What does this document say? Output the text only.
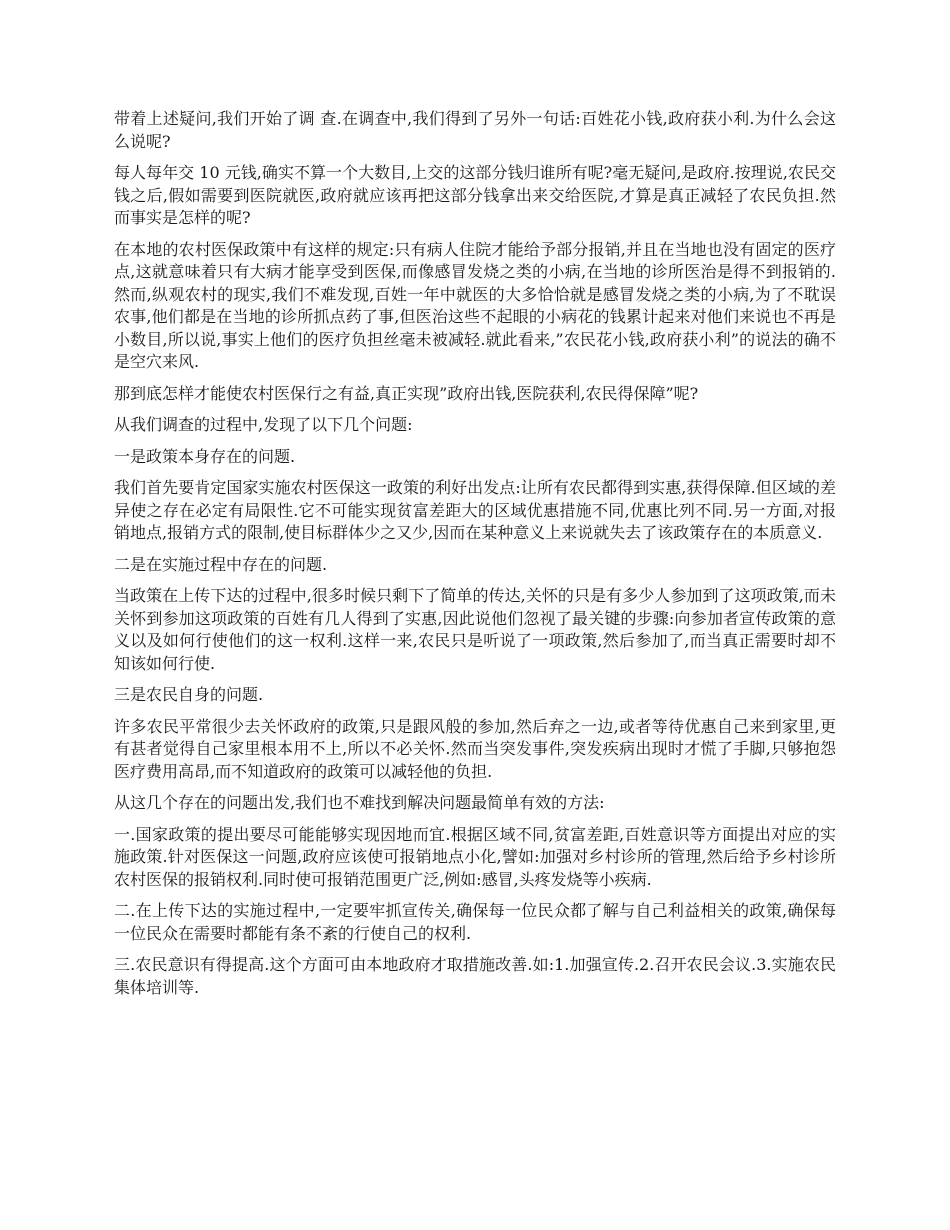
带着上述疑问,我们开始了调 查.在调查中,我们得到了另外一句话:百姓花小钱,政府获小利.为什么会这么说呢?

每人每年交 10 元钱,确实不算一个大数目,上交的这部分钱归谁所有呢?毫无疑问,是政府.按理说,农民交钱之后,假如需要到医院就医,政府就应该再把这部分钱拿出来交给医院,才算是真正减轻了农民负担.然而事实是怎样的呢?

在本地的农村医保政策中有这样的规定:只有病人住院才能给予部分报销,并且在当地也没有固定的医疗点,这就意味着只有大病才能享受到医保,而像感冒发烧之类的小病,在当地的诊所医治是得不到报销的.然而,纵观农村的现实,我们不难发现,百姓一年中就医的大多恰恰就是感冒发烧之类的小病,为了不耽误农事,他们都是在当地的诊所抓点药了事,但医治这些不起眼的小病花的钱累计起来对他们来说也不再是小数目,所以说,事实上他们的医疗负担丝毫未被减轻.就此看来,”农民花小钱,政府获小利”的说法的确不是空穴来风.

那到底怎样才能使农村医保行之有益,真正实现”政府出钱,医院获利,农民得保障”呢?

从我们调查的过程中,发现了以下几个问题:

一是政策本身存在的问题.

我们首先要肯定国家实施农村医保这一政策的利好出发点:让所有农民都得到实惠,获得保障.但区域的差异使之存在必定有局限性.它不可能实现贫富差距大的区域优惠措施不同,优惠比列不同.另一方面,对报销地点,报销方式的限制,使目标群体少之又少,因而在某种意义上来说就失去了该政策存在的本质意义.

二是在实施过程中存在的问题.

当政策在上传下达的过程中,很多时候只剩下了简单的传达,关怀的只是有多少人参加到了这项政策,而未关怀到参加这项政策的百姓有几人得到了实惠,因此说他们忽视了最关键的步骤:向参加者宣传政策的意义以及如何行使他们的这一权利.这样一来,农民只是听说了一项政策,然后参加了,而当真正需要时却不知该如何行使.

三是农民自身的问题.

许多农民平常很少去关怀政府的政策,只是跟风般的参加,然后弃之一边,或者等待优惠自己来到家里,更有甚者觉得自己家里根本用不上,所以不必关怀.然而当突发事件,突发疾病出现时才慌了手脚,只够抱怨医疗费用高昂,而不知道政府的政策可以减轻他的负担.

从这几个存在的问题出发,我们也不难找到解决问题最简单有效的方法:

一.国家政策的提出要尽可能能够实现因地而宜.根据区域不同,贫富差距,百姓意识等方面提出对应的实施政策.针对医保这一问题,政府应该使可报销地点小化,譬如:加强对乡村诊所的管理,然后给予乡村诊所农村医保的报销权利.同时使可报销范围更广泛,例如:感冒,头疼发烧等小疾病.

二.在上传下达的实施过程中,一定要牢抓宣传关,确保每一位民众都了解与自己利益相关的政策,确保每一位民众在需要时都能有条不紊的行使自己的权利.

三.农民意识有得提高.这个方面可由本地政府才取措施改善.如:1.加强宣传.2.召开农民会议.3.实施农民集体培训等.
